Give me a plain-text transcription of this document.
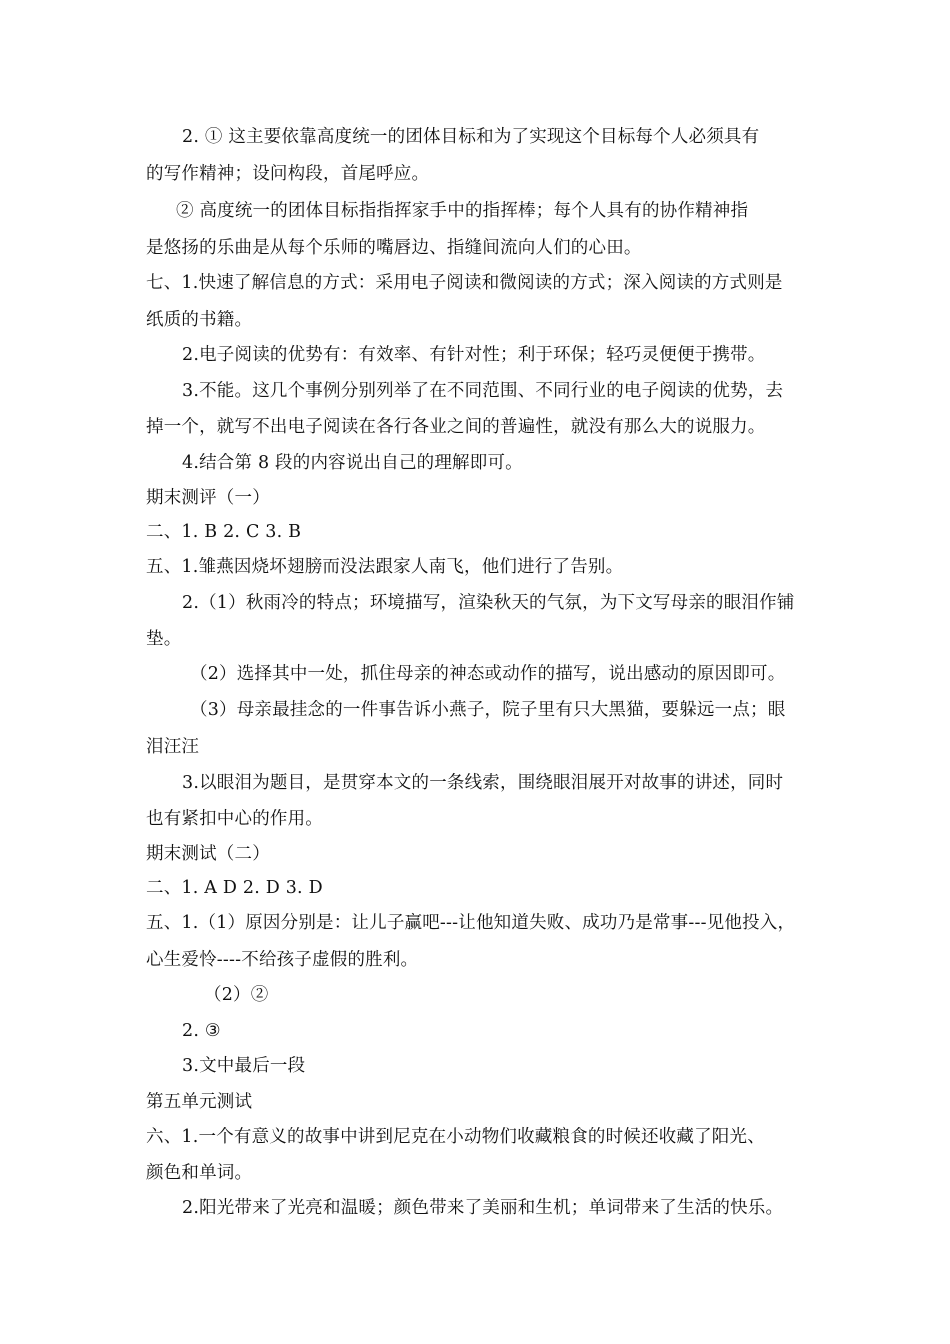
2. ① 这主要依靠高度统一的团体目标和为了实现这个目标每个人必须具有
的写作精神；设问构段，首尾呼应。
② 高度统一的团体目标指指挥家手中的指挥棒；每个人具有的协作精神指
是悠扬的乐曲是从每个乐师的嘴唇边、指缝间流向人们的心田。
七、1.快速了解信息的方式：采用电子阅读和微阅读的方式；深入阅读的方式则是
纸质的书籍。
2.电子阅读的优势有：有效率、有针对性；利于环保；轻巧灵便便于携带。
3.不能。这几个事例分别列举了在不同范围、不同行业的电子阅读的优势，去
掉一个，就写不出电子阅读在各行各业之间的普遍性，就没有那么大的说服力。
4.结合第 8 段的内容说出自己的理解即可。
期末测评（一）
二、1. B 2. C 3. B
五、1.雏燕因烧坏翅膀而没法跟家人南飞，他们进行了告别。
2.（1）秋雨冷的特点；环境描写，渲染秋天的气氛，为下文写母亲的眼泪作铺
垫。
（2）选择其中一处，抓住母亲的神态或动作的描写，说出感动的原因即可。
（3）母亲最挂念的一件事告诉小燕子，院子里有只大黑猫，要躲远一点；眼
泪汪汪
3.以眼泪为题目，是贯穿本文的一条线索，围绕眼泪展开对故事的讲述，同时
也有紧扣中心的作用。
期末测试（二）
二、1. A D 2. D 3. D
五、1.（1）原因分别是：让儿子赢吧---让他知道失败、成功乃是常事---见他投入，
心生爱怜----不给孩子虚假的胜利。
（2）②
2. ③
3.文中最后一段
第五单元测试
六、1.一个有意义的故事中讲到尼克在小动物们收藏粮食的时候还收藏了阳光、
颜色和单词。
2.阳光带来了光亮和温暖；颜色带来了美丽和生机；单词带来了生活的快乐。
